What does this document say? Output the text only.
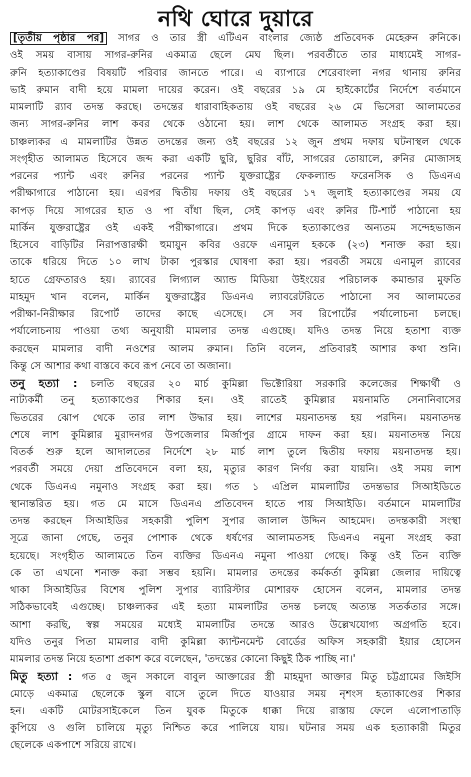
নথি ঘোরে দুয়ারে
[তৃতীয় পৃষ্ঠার পর] সাগর ও তার স্ত্রী এটিএন বাংলার জ্যেষ্ঠ প্রতিবেদক মেহেরুন রুনিকে।
ওই সময় বাসায় সাগর-রুনির একমাত্র ছেলে মেঘ ছিল। পরবর্তীতে তার মাধ্যমেই সাগর-
রুনি হত্যাকাণ্ডের বিষয়টি পরিবার জানতে পারে। এ ব্যাপারে শেরেবাংলা নগর থানায় রুনির
ভাই রুমান বাদী হয়ে মামলা দায়ের করেন। ওই বছরের ১৯ মে হাইকোর্টের নির্দেশে বর্তমানে
মামলাটি র‍্যাব তদন্ত করছে। তদন্তের ধারাবাহিকতায় ওই বছরের ২৬ মে ভিসেরা আলামতের
জন্য সাগর-রুনির লাশ কবর থেকে ওঠানো হয়। লাশ থেকে আলামত সংগ্রহ করা হয়।
চাঞ্চল্যকর এ মামলাটির উন্নত তদন্তের জন্য ওই বছরের ১২ জুন প্রথম দফায় ঘটনাস্থল থেকে
সংগৃহীত আলামত হিসেবে জব্দ করা একটি ছুরি, ছুরির বাঁট, সাগরের তোয়ালে, রুনির মোজাসহ
পরনের প্যান্ট এবং রুনির পরনের প্যান্ট যুক্তরাষ্ট্রের ফেকল্যান্ড ফরেনসিক ও ডিএনএ
পরীক্ষাগারে পাঠানো হয়। এরপর দ্বিতীয় দফায় ওই বছরের ১৭ জুলাই হত্যাকাণ্ডের সময় যে
কাপড় দিয়ে সাগরের হাত ও পা বাঁধা ছিল, সেই কাপড় এবং রুনির টি-শার্ট পাঠানো হয়
মার্কিন যুক্তরাষ্ট্রের ওই একই পরীক্ষাগারে। প্রথম দিকে হত্যাকাণ্ডের অন্যতম সন্দেহভাজন
হিসেবে বাড়িটির নিরাপত্তারক্ষী হুমায়ুন কবির ওরফে এনামুল হককে (২৩) শনাক্ত করা হয়।
তাকে ধরিয়ে দিতে ১০ লাখ টাকা পুরস্কার ঘোষণা করা হয়। পরবর্তী সময়ে এনামুল র‍্যাবের
হাতে গ্রেফতারও হয়। র‍্যাবের লিগ্যাল অ্যান্ড মিডিয়া উইংয়ের পরিচালক কমান্ডার মুফতি
মাহমুদ খান বলেন, মার্কিন যুক্তরাষ্ট্রের ডিএনএ ল্যাবরেটরিতে পাঠানো সব আলামতের
পরীক্ষা-নিরীক্ষার রিপোর্ট তাদের কাছে এসেছে। সে সব রিপোর্টের পর্যালোচনা চলছে।
পর্যালোচনায় পাওয়া তথ্য অনুযায়ী মামলার তদন্ত এগুচ্ছে। যদিও তদন্ত নিয়ে হতাশা ব্যক্ত
করছেন মামলার বাদী নওশের আলম রুমান। তিনি বলেন, প্রতিবারই আশার কথা শুনি।
কিন্তু সে আশার কথা বাস্তবে কবে রূপ নেবে তা অজানা।
তনু হত্যা : চলতি বছরের ২০ মার্চ কুমিল্লা ভিক্টোরিয়া সরকারি কলেজের শিক্ষার্থী ও
নাট্যকর্মী তনু হত্যাকাণ্ডের শিকার হন। ওই রাতেই কুমিল্লার ময়নামতি সেনানিবাসের
ভিতরের ঝোপ থেকে তার লাশ উদ্ধার হয়। লাশের ময়নাতদন্ত হয় পরদিন। ময়নাতদন্ত
শেষে লাশ কুমিল্লার মুরাদনগর উপজেলার মির্জাপুর গ্রামে দাফন করা হয়। ময়নাতদন্ত নিয়ে
বিতর্ক শুরু হলে আদালতের নির্দেশে ২৮ মার্চ লাশ তুলে দ্বিতীয় দফায় ময়নাতদন্ত হয়।
পরবর্তী সময়ে দেয়া প্রতিবেদনে বলা হয়, মৃত্যুর কারণ নির্ণয় করা যায়নি। ওই সময় লাশ
থেকে ডিএনএ নমুনাও সংগ্রহ করা হয়। গত ১ এপ্রিল মামলাটির তদন্তভার সিআইডিতে
স্থানান্তরিত হয়। গত মে মাসে ডিএনএ প্রতিবেদন হাতে পায় সিআইডি। বর্তমানে মামলাটির
তদন্ত করছেন সিআইডির সহকারী পুলিশ সুপার জালাল উদ্দিন আহমেদ। তদন্তকারী সংস্থা
সূত্রে জানা গেছে, তনুর পোশাক থেকে ধর্ষণের আলামতসহ ডিএনএ নমুনা সংগ্রহ করা
হয়েছে। সংগৃহীত আলামতে তিন ব্যক্তির ডিএনএ নমুনা পাওয়া গেছে। কিন্তু ওই তিন ব্যক্তি
কে তা এখনো শনাক্ত করা সম্ভব হয়নি। মামলার তদন্তের কর্মকর্তা কুমিল্লা জেলার দায়িত্বে
থাকা সিআইডির বিশেষ পুলিশ সুপার ব্যারিস্টার মোশারফ হোসেন বলেন, মামলার তদন্ত
সঠিকভাবেই এগুচ্ছে। চাঞ্চল্যকর এই হত্যা মামলাটির তদন্ত চলছে অত্যন্ত সতর্কতার সঙ্গে।
আশা করছি, স্বল্প সময়ের মধ্যেই মামলাটির তদন্তে আরও উল্লেখযোগ্য অগ্রগতি হবে।
যদিও তনুর পিতা মামলার বাদী কুমিল্লা ক্যান্টনমেন্ট বোর্ডের অফিস সহকারী ইয়ার হোসেন
মামলার তদন্ত নিয়ে হতাশা প্রকাশ করে বলেছেন, 'তদন্তের কোনো কিছুই ঠিক পাচ্ছি না।'
মিতু হত্যা : গত ৫ জুন সকালে বাবুল আক্তারের স্ত্রী মাহমুদা আক্তার মিতু চট্টগ্রামের জিইসি
মোড়ে একমাত্র ছেলেকে স্কুল বাসে তুলে দিতে যাওয়ার সময় নৃশংস হত্যাকাণ্ডের শিকার
হন। একটি মোটরসাইকেলে তিন যুবক মিতুকে ধাক্কা দিয়ে রাস্তায় ফেলে এলোপাতাড়ি
কুপিয়ে ও গুলি চালিয়ে মৃত্যু নিশ্চিত করে পালিয়ে যায়। ঘটনার সময় এক হত্যাকারী মিতুর
ছেলেকে একপাশে সরিয়ে রাখে।
